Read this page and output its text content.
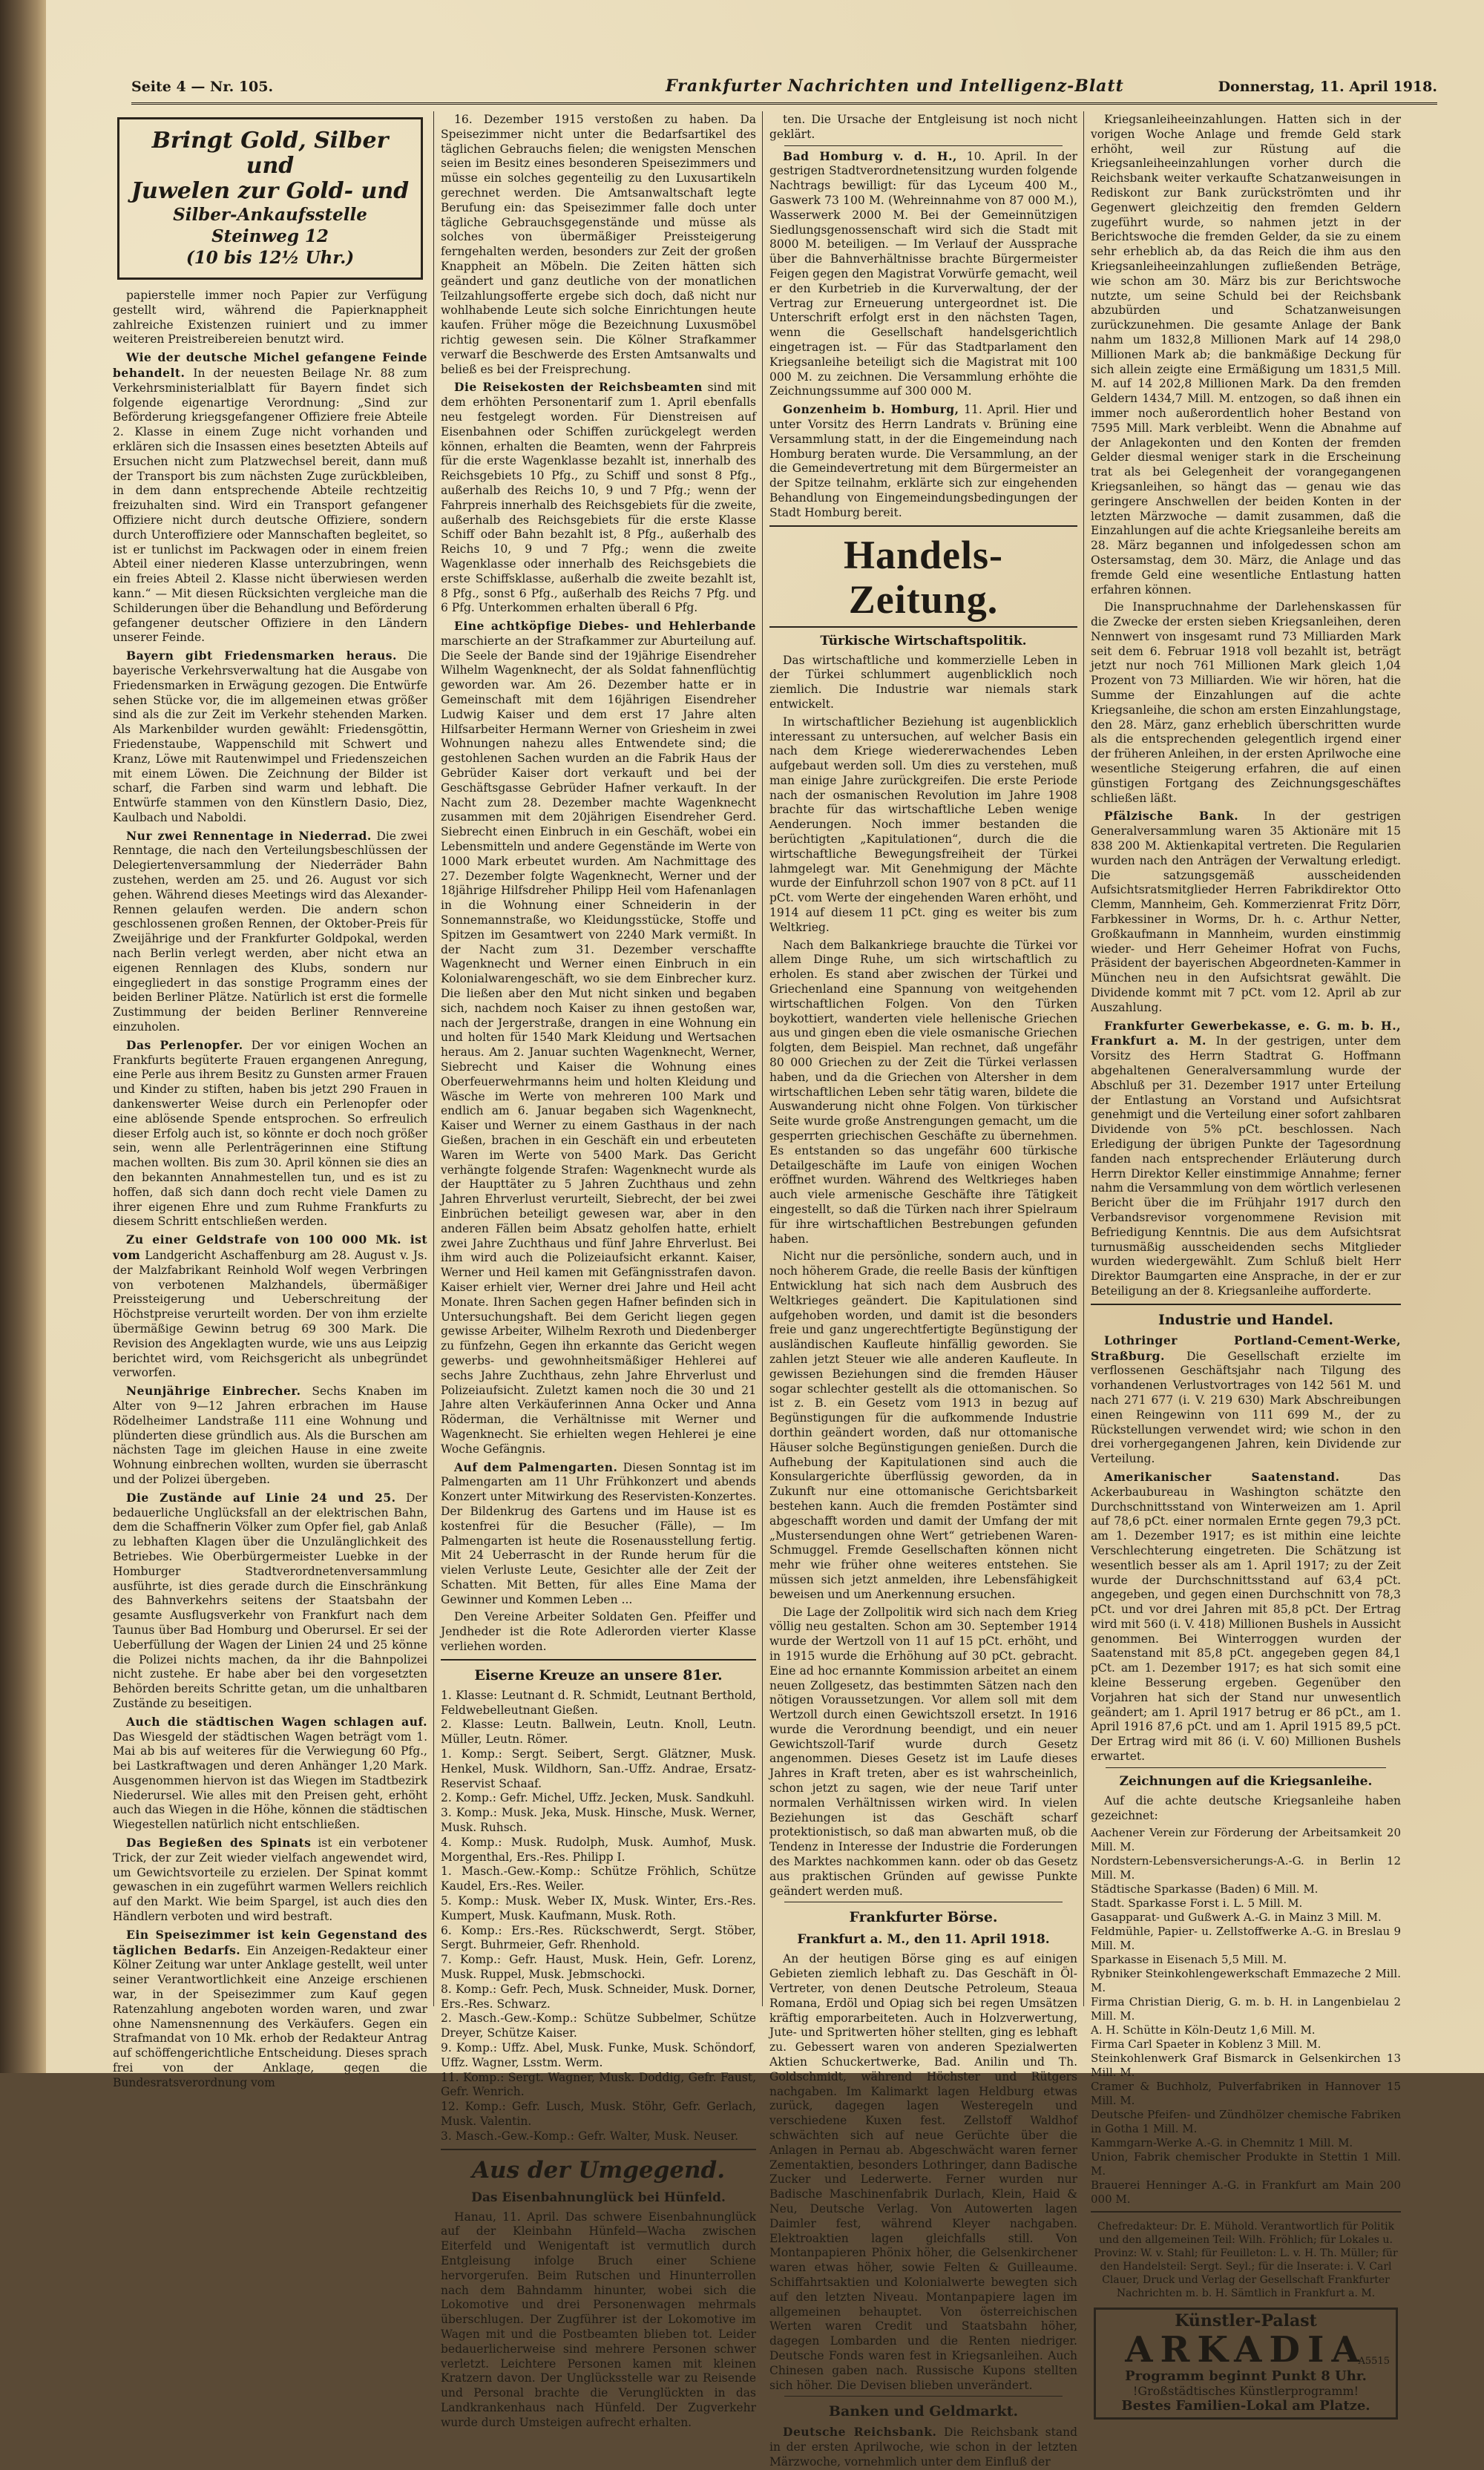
Seite 4 — Nr. 105.	Frankfurter Nachrichten und Intelligenz-Blatt	Donnerstag, 11. April 1918.
Bringt Gold, Silber und
Juwelen zur Gold- und
Silber-Ankaufsstelle Steinweg 12
(10 bis 12½ Uhr.)

papierstelle immer noch Papier zur Verfügung gestellt wird, während die Papierknappheit zahlreiche Existenzen ruiniert und zu immer weiteren Preistreibereien benutzt wird.

Wie der deutsche Michel gefangene Feinde behandelt. In der neuesten Beilage Nr. 88 zum Verkehrsministerialblatt für Bayern findet sich folgende eigenartige Verordnung: „Sind zur Beförderung kriegsgefangener Offiziere freie Abteile 2. Klasse in einem Zuge nicht vorhanden und erklären sich die Insassen eines besetzten Abteils auf Ersuchen nicht zum Platzwechsel bereit, dann muß der Transport bis zum nächsten Zuge zurückbleiben, in dem dann entsprechende Abteile rechtzeitig freizuhalten sind. Wird ein Transport gefangener Offiziere nicht durch deutsche Offiziere, sondern durch Unteroffiziere oder Mannschaften begleitet, so ist er tunlichst im Packwagen oder in einem freien Abteil einer niederen Klasse unterzubringen, wenn ein freies Abteil 2. Klasse nicht überwiesen werden kann.“ — Mit diesen Rücksichten vergleiche man die Schilderungen über die Behandlung und Beförderung gefangener deutscher Offiziere in den Ländern unserer Feinde.

Bayern gibt Friedensmarken heraus. Die bayerische Verkehrsverwaltung hat die Ausgabe von Friedensmarken in Erwägung gezogen. Die Entwürfe sehen Stücke vor, die im allgemeinen etwas größer sind als die zur Zeit im Verkehr stehenden Marken. Als Markenbilder wurden gewählt: Friedensgöttin, Friedenstaube, Wappenschild mit Schwert und Kranz, Löwe mit Rautenwimpel und Friedenszeichen mit einem Löwen. Die Zeichnung der Bilder ist scharf, die Farben sind warm und lebhaft. Die Entwürfe stammen von den Künstlern Dasio, Diez, Kaulbach und Naboldi.

Nur zwei Rennentage in Niederrad. Die zwei Renntage, die nach den Verteilungsbeschlüssen der Delegiertenversammlung der Niederräder Bahn zustehen, werden am 25. und 26. August vor sich gehen. Während dieses Meetings wird das Alexander-Rennen gelaufen werden. Die andern schon geschlossenen großen Rennen, der Oktober-Preis für Zweijährige und der Frankfurter Goldpokal, werden nach Berlin verlegt werden, aber nicht etwa an eigenen Rennlagen des Klubs, sondern nur eingegliedert in das sonstige Programm eines der beiden Berliner Plätze. Natürlich ist erst die formelle Zustimmung der beiden Berliner Rennvereine einzuholen.

Das Perlenopfer. Der vor einigen Wochen an Frankfurts begüterte Frauen ergangenen Anregung, eine Perle aus ihrem Besitz zu Gunsten armer Frauen und Kinder zu stiften, haben bis jetzt 290 Frauen in dankenswerter Weise durch ein Perlenopfer oder eine ablösende Spende entsprochen. So erfreulich dieser Erfolg auch ist, so könnte er doch noch größer sein, wenn alle Perlenträgerinnen eine Stiftung machen wollten. Bis zum 30. April können sie dies an den bekannten Annahmestellen tun, und es ist zu hoffen, daß sich dann doch recht viele Damen zu ihrer eigenen Ehre und zum Ruhme Frankfurts zu diesem Schritt entschließen werden.

Zu einer Geldstrafe von 100 000 Mk. ist vom Landgericht Aschaffenburg am 28. August v. Js. der Malzfabrikant Reinhold Wolf wegen Verbringen von verbotenen Malzhandels, übermäßiger Preissteigerung und Ueberschreitung der Höchstpreise verurteilt worden. Der von ihm erzielte übermäßige Gewinn betrug 69 300 Mark. Die Revision des Angeklagten wurde, wie uns aus Leipzig berichtet wird, vom Reichsgericht als unbegründet verworfen.

Neunjährige Einbrecher. Sechs Knaben im Alter von 9—12 Jahren erbrachen im Hause Rödelheimer Landstraße 111 eine Wohnung und plünderten diese gründlich aus. Als die Burschen am nächsten Tage im gleichen Hause in eine zweite Wohnung einbrechen wollten, wurden sie überrascht und der Polizei übergeben.

Die Zustände auf Linie 24 und 25. Der bedauerliche Unglücksfall an der elektrischen Bahn, dem die Schaffnerin Völker zum Opfer fiel, gab Anlaß zu lebhaften Klagen über die Unzulänglichkeit des Betriebes. Wie Oberbürgermeister Luebke in der Homburger Stadtverordnetenversammlung ausführte, ist dies gerade durch die Einschränkung des Bahnverkehrs seitens der Staatsbahn der gesamte Ausflugsverkehr von Frankfurt nach dem Taunus über Bad Homburg und Oberursel. Er sei der Ueberfüllung der Wagen der Linien 24 und 25 könne die Polizei nichts machen, da ihr die Bahnpolizei nicht zustehe. Er habe aber bei den vorgesetzten Behörden bereits Schritte getan, um die unhaltbaren Zustände zu beseitigen.

Auch die städtischen Wagen schlagen auf. Das Wiesgeld der städtischen Wagen beträgt vom 1. Mai ab bis auf weiteres für die Verwiegung 60 Pfg., bei Lastkraftwagen und deren Anhänger 1,20 Mark. Ausgenommen hiervon ist das Wiegen im Stadtbezirk Niederursel. Wie alles mit den Preisen geht, erhöht auch das Wiegen in die Höhe, können die städtischen Wiegestellen natürlich nicht entschließen.

Das Begießen des Spinats ist ein verbotener Trick, der zur Zeit wieder vielfach angewendet wird, um Gewichtsvorteile zu erzielen. Der Spinat kommt gewaschen in ein zugeführt warmen Wellers reichlich auf den Markt. Wie beim Spargel, ist auch dies den Händlern verboten und wird bestraft.

Ein Speisezimmer ist kein Gegenstand des täglichen Bedarfs. Ein Anzeigen-Redakteur einer Kölner Zeitung war unter Anklage gestellt, weil unter seiner Verantwortlichkeit eine Anzeige erschienen war, in der Speisezimmer zum Kauf gegen Ratenzahlung angeboten worden waren, und zwar ohne Namensnennung des Verkäufers. Gegen ein Strafmandat von 10 Mk. erhob der Redakteur Antrag auf schöffengerichtliche Entscheidung. Dieses sprach frei von der Anklage, gegen die Bundesratsverordnung vom

16. Dezember 1915 verstoßen zu haben. Da Speisezimmer nicht unter die Bedarfsartikel des täglichen Gebrauchs fielen; die wenigsten Menschen seien im Besitz eines besonderen Speisezimmers und müsse ein solches gegenteilig zu den Luxusartikeln gerechnet werden. Die Amtsanwaltschaft legte Berufung ein: das Speisezimmer falle doch unter tägliche Gebrauchsgegenstände und müsse als solches von übermäßiger Preissteigerung ferngehalten werden, besonders zur Zeit der großen Knappheit an Möbeln. Die Zeiten hätten sich geändert und ganz deutliche von der monatlichen Teilzahlungsofferte ergebe sich doch, daß nicht nur wohlhabende Leute sich solche Einrichtungen heute kaufen. Früher möge die Bezeichnung Luxusmöbel richtig gewesen sein. Die Kölner Strafkammer verwarf die Beschwerde des Ersten Amtsanwalts und beließ es bei der Freisprechung.

Die Reisekosten der Reichsbeamten sind mit dem erhöhten Personentarif zum 1. April ebenfalls neu festgelegt worden. Für Dienstreisen auf Eisenbahnen oder Schiffen zurückgelegt werden können, erhalten die Beamten, wenn der Fahrpreis für die erste Wagenklasse bezahlt ist, innerhalb des Reichsgebiets 10 Pfg., zu Schiff und sonst 8 Pfg., außerhalb des Reichs 10, 9 und 7 Pfg.; wenn der Fahrpreis innerhalb des Reichsgebiets für die zweite, außerhalb des Reichsgebiets für die erste Klasse Schiff oder Bahn bezahlt ist, 8 Pfg., außerhalb des Reichs 10, 9 und 7 Pfg.; wenn die zweite Wagenklasse oder innerhalb des Reichsgebiets die erste Schiffsklasse, außerhalb die zweite bezahlt ist, 8 Pfg., sonst 6 Pfg., außerhalb des Reichs 7 Pfg. und 6 Pfg. Unterkommen erhalten überall 6 Pfg.

Eine achtköpfige Diebes- und Hehlerbande marschierte an der Strafkammer zur Aburteilung auf. Die Seele der Bande sind der 19jährige Eisendreher Wilhelm Wagenknecht, der als Soldat fahnenflüchtig geworden war. Am 26. Dezember hatte er in Gemeinschaft mit dem 16jährigen Eisendreher Ludwig Kaiser und dem erst 17 Jahre alten Hilfsarbeiter Hermann Werner von Griesheim in zwei Wohnungen nahezu alles Entwendete sind; die gestohlenen Sachen wurden an die Fabrik Haus der Gebrüder Kaiser dort verkauft und bei der Geschäftsgasse Gebrüder Hafner verkauft. In der Nacht zum 28. Dezember machte Wagenknecht zusammen mit dem 20jährigen Eisendreher Gerd. Siebrecht einen Einbruch in ein Geschäft, wobei ein Lebensmitteln und andere Gegenstände im Werte von 1000 Mark erbeutet wurden. Am Nachmittage des 27. Dezember folgte Wagenknecht, Werner und der 18jährige Hilfsdreher Philipp Heil vom Hafenanlagen in die Wohnung einer Schneiderin in der Sonnemannstraße, wo Kleidungsstücke, Stoffe und Spitzen im Gesamtwert von 2240 Mark vermißt. In der Nacht zum 31. Dezember verschaffte Wagenknecht und Werner einen Einbruch in ein Kolonialwarengeschäft, wo sie dem Einbrecher kurz. Die ließen aber den Mut nicht sinken und begaben sich, nachdem noch Kaiser zu ihnen gestoßen war, nach der Jergerstraße, drangen in eine Wohnung ein und holten für 1540 Mark Kleidung und Wertsachen heraus. Am 2. Januar suchten Wagenknecht, Werner, Siebrecht und Kaiser die Wohnung eines Oberfeuerwehrmanns heim und holten Kleidung und Wäsche im Werte von mehreren 100 Mark und endlich am 6. Januar begaben sich Wagenknecht, Kaiser und Werner zu einem Gasthaus in der nach Gießen, brachen in ein Geschäft ein und erbeuteten Waren im Werte von 5400 Mark. Das Gericht verhängte folgende Strafen: Wagenknecht wurde als der Haupttäter zu 5 Jahren Zuchthaus und zehn Jahren Ehrverlust verurteilt, Siebrecht, der bei zwei Einbrüchen beteiligt gewesen war, aber in den anderen Fällen beim Absatz geholfen hatte, erhielt zwei Jahre Zuchthaus und fünf Jahre Ehrverlust. Bei ihm wird auch die Polizeiaufsicht erkannt. Kaiser, Werner und Heil kamen mit Gefängnisstrafen davon. Kaiser erhielt vier, Werner drei Jahre und Heil acht Monate. Ihren Sachen gegen Hafner befinden sich in Untersuchungshaft. Bei dem Gericht liegen gegen gewisse Arbeiter, Wilhelm Rexroth und Diedenberger zu fünfzehn, Gegen ihn erkannte das Gericht wegen gewerbs- und gewohnheitsmäßiger Hehlerei auf sechs Jahre Zuchthaus, zehn Jahre Ehrverlust und Polizeiaufsicht. Zuletzt kamen noch die 30 und 21 Jahre alten Verkäuferinnen Anna Ocker und Anna Röderman, die Verhältnisse mit Werner und Wagenknecht. Sie erhielten wegen Hehlerei je eine Woche Gefängnis.

Auf dem Palmengarten. Diesen Sonntag ist im Palmengarten am 11 Uhr Frühkonzert und abends Konzert unter Mitwirkung des Reservisten-Konzertes. Der Bildenkrug des Gartens und im Hause ist es kostenfrei für die Besucher (Fälle), — Im Palmengarten ist heute die Rosenausstellung fertig. Mit 24 Ueberrascht in der Runde herum für die vielen Verluste Leute, Gesichter alle der Zeit der Schatten. Mit Betten, für alles Eine Mama der Gewinner und Kommen Leben ...

Den Vereine Arbeiter Soldaten Gen. Pfeiffer und Jendheder ist die Rote Adlerorden vierter Klasse verliehen worden.

Eiserne Kreuze an unsere 81er.

1. Klasse: Leutnant d. R. Schmidt, Leutnant Berthold, Feldwebelleutnant Gießen.
2. Klasse: Leutn. Ballwein, Leutn. Knoll, Leutn. Müller, Leutn. Römer.
1. Komp.: Sergt. Seibert, Sergt. Glätzner, Musk. Henkel, Musk. Wildhorn, San.-Uffz. Andrae, Ersatz-Reservist Schaaf.
2. Komp.: Gefr. Michel, Uffz. Jecken, Musk. Sandkuhl.
3. Komp.: Musk. Jeka, Musk. Hinsche, Musk. Werner, Musk. Ruhsch.
4. Komp.: Musk. Rudolph, Musk. Aumhof, Musk. Morgenthal, Ers.-Res. Philipp I.
1. Masch.-Gew.-Komp.: Schütze Fröhlich, Schütze Kaudel, Ers.-Res. Weiler.
5. Komp.: Musk. Weber IX, Musk. Winter, Ers.-Res. Kumpert, Musk. Kaufmann, Musk. Roth.
6. Komp.: Ers.-Res. Rückschwerdt, Sergt. Stöber, Sergt. Buhrmeier, Gefr. Rhenhold.
7. Komp.: Gefr. Haust, Musk. Hein, Gefr. Lorenz, Musk. Ruppel, Musk. Jebmschocki.
8. Komp.: Gefr. Pech, Musk. Schneider, Musk. Dorner, Ers.-Res. Schwarz.
2. Masch.-Gew.-Komp.: Schütze Subbelmer, Schütze Dreyer, Schütze Kaiser.
9. Komp.: Uffz. Abel, Musk. Funke, Musk. Schöndorf, Uffz. Wagner, Lsstm. Werm.
11. Komp.: Sergt. Wagner, Musk. Doddig, Gefr. Faust, Gefr. Wenrich.
12. Komp.: Gefr. Lusch, Musk. Stöhr, Gefr. Gerlach, Musk. Valentin.
3. Masch.-Gew.-Komp.: Gefr. Walter, Musk. Neuser.

Aus der Umgegend.
Das Eisenbahnunglück bei Hünfeld.

Hanau, 11. April. Das schwere Eisenbahnunglück auf der Kleinbahn Hünfeld—Wacha zwischen Eiterfeld und Wenigentaft ist vermutlich durch Entgleisung infolge Bruch einer Schiene hervorgerufen. Beim Rutschen und Hinunterrollen nach dem Bahndamm hinunter, wobei sich die Lokomotive und drei Personenwagen mehrmals überschlugen. Der Zugführer ist der Lokomotive im Wagen mit und die Postbeamten blieben tot. Leider bedauerlicherweise sind mehrere Personen schwer verletzt. Leichtere Personen kamen mit kleinen Kratzern davon. Der Unglücksstelle war zu Reisende und Personal brachte die Verunglückten in das Landkrankenhaus nach Hünfeld. Der Zugverkehr wurde durch Umsteigen aufrecht erhalten.

ten. Die Ursache der Entgleisung ist noch nicht geklärt.

Bad Homburg v. d. H., 10. April. In der gestrigen Stadtverordnetensitzung wurden folgende Nachtrags bewilligt: für das Lyceum 400 M., Gaswerk 73 100 M. (Wehreinnahme von 87 000 M.), Wasserwerk 2000 M. Bei der Gemeinnützigen Siedlungsgenossenschaft wird sich die Stadt mit 8000 M. beteiligen. — Im Verlauf der Aussprache über die Bahnverhältnisse brachte Bürgermeister Feigen gegen den Magistrat Vorwürfe gemacht, weil er den Kurbetrieb in die Kurverwaltung, der der Vertrag zur Erneuerung untergeordnet ist. Die Unterschrift erfolgt erst in den nächsten Tagen, wenn die Gesellschaft handelsgerichtlich eingetragen ist. — Für das Stadtparlament den Kriegsanleihe beteiligt sich die Magistrat mit 100 000 M. zu zeichnen. Die Versammlung erhöhte die Zeichnungssumme auf 300 000 M.

Gonzenheim b. Homburg, 11. April. Hier und unter Vorsitz des Herrn Landrats v. Brüning eine Versammlung statt, in der die Eingemeindung nach Homburg beraten wurde. Die Versammlung, an der die Gemeindevertretung mit dem Bürgermeister an der Spitze teilnahm, erklärte sich zur eingehenden Behandlung von Eingemeindungsbedingungen der Stadt Homburg bereit.

Handels-Zeitung.
Türkische Wirtschaftspolitik.

Das wirtschaftliche und kommerzielle Leben in der Türkei schlummert augenblicklich noch ziemlich. Die Industrie war niemals stark entwickelt.

In wirtschaftlicher Beziehung ist augenblicklich interessant zu untersuchen, auf welcher Basis ein nach dem Kriege wiedererwachendes Leben aufgebaut werden soll. Um dies zu verstehen, muß man einige Jahre zurückgreifen. Die erste Periode nach der osmanischen Revolution im Jahre 1908 brachte für das wirtschaftliche Leben wenige Aenderungen. Noch immer bestanden die berüchtigten „Kapitulationen“, durch die die wirtschaftliche Bewegungsfreiheit der Türkei lahmgelegt war. Mit Genehmigung der Mächte wurde der Einfuhrzoll schon 1907 von 8 pCt. auf 11 pCt. vom Werte der eingehenden Waren erhöht, und 1914 auf diesem 11 pCt. ging es weiter bis zum Weltkrieg.

Nach dem Balkankriege brauchte die Türkei vor allem Dinge Ruhe, um sich wirtschaftlich zu erholen. Es stand aber zwischen der Türkei und Griechenland eine Spannung von weitgehenden wirtschaftlichen Folgen. Von den Türken boykottiert, wanderten viele hellenische Griechen aus und gingen eben die viele osmanische Griechen folgten, dem Beispiel. Man rechnet, daß ungefähr 80 000 Griechen zu der Zeit die Türkei verlassen haben, und da die Griechen von Altersher in dem wirtschaftlichen Leben sehr tätig waren, bildete die Auswanderung nicht ohne Folgen. Von türkischer Seite wurde große Anstrengungen gemacht, um die gesperrten griechischen Geschäfte zu übernehmen. Es entstanden so das ungefähr 600 türkische Detailgeschäfte im Laufe von einigen Wochen eröffnet wurden. Während des Weltkrieges haben auch viele armenische Geschäfte ihre Tätigkeit eingestellt, so daß die Türken nach ihrer Spielraum für ihre wirtschaftlichen Bestrebungen gefunden haben.

Nicht nur die persönliche, sondern auch, und in noch höherem Grade, die reelle Basis der künftigen Entwicklung hat sich nach dem Ausbruch des Weltkrieges geändert. Die Kapitulationen sind aufgehoben worden, und damit ist die besonders freie und ganz ungerechtfertigte Begünstigung der ausländischen Kaufleute hinfällig geworden. Sie zahlen jetzt Steuer wie alle anderen Kaufleute. In gewissen Beziehungen sind die fremden Häuser sogar schlechter gestellt als die ottomanischen. So ist z. B. ein Gesetz vom 1913 in bezug auf Begünstigungen für die aufkommende Industrie dorthin geändert worden, daß nur ottomanische Häuser solche Begünstigungen genießen. Durch die Aufhebung der Kapitulationen sind auch die Konsulargerichte überflüssig geworden, da in Zukunft nur eine ottomanische Gerichtsbarkeit bestehen kann. Auch die fremden Postämter sind abgeschafft worden und damit der Umfang der mit „Mustersendungen ohne Wert“ getriebenen Waren-Schmuggel. Fremde Gesellschaften können nicht mehr wie früher ohne weiteres entstehen. Sie müssen sich jetzt anmelden, ihre Lebensfähigkeit beweisen und um Anerkennung ersuchen.

Die Lage der Zollpolitik wird sich nach dem Krieg völlig neu gestalten. Schon am 30. September 1914 wurde der Wertzoll von 11 auf 15 pCt. erhöht, und in 1915 wurde die Erhöhung auf 30 pCt. gebracht. Eine ad hoc ernannte Kommission arbeitet an einem neuen Zollgesetz, das bestimmten Sätzen nach den nötigen Voraussetzungen. Vor allem soll mit dem Wertzoll durch einen Gewichtszoll ersetzt. In 1916 wurde die Verordnung beendigt, und ein neuer Gewichtszoll-Tarif wurde durch Gesetz angenommen. Dieses Gesetz ist im Laufe dieses Jahres in Kraft treten, aber es ist wahrscheinlich, schon jetzt zu sagen, wie der neue Tarif unter normalen Verhältnissen wirken wird. In vielen Beziehungen ist das Geschäft scharf protektionistisch, so daß man abwarten muß, ob die Tendenz in Interesse der Industrie die Forderungen des Marktes nachkommen kann. oder ob das Gesetz aus praktischen Gründen auf gewisse Punkte geändert werden muß.

Frankfurter Börse.
Frankfurt a. M., den 11. April 1918.

An der heutigen Börse ging es auf einigen Gebieten ziemlich lebhaft zu. Das Geschäft in Öl-Vertreter, von denen Deutsche Petroleum, Steaua Romana, Erdöl und Opiag sich bei regen Umsätzen kräftig emporarbeiteten. Auch in Holzverwertung, Jute- und Spritwerten höher stellten, ging es lebhaft zu. Gebessert waren von anderen Spezialwerten Aktien Schuckertwerke, Bad. Anilin und Th. Goldschmidt, während Höchster und Rütgers nachgaben. Im Kalimarkt lagen Heldburg etwas zurück, dagegen lagen Westeregeln und verschiedene Kuxen fest. Zellstoff Waldhof schwächten sich auf neue Gerüchte über die Anlagen in Pernau ab. Abgeschwächt waren ferner Zementaktien, besonders Lothringer, dann Badische Zucker und Lederwerte. Ferner wurden nur Badische Maschinenfabrik Durlach, Klein, Haid & Neu, Deutsche Verlag. Von Autowerten lagen Daimler fest, während Kleyer nachgaben. Elektroaktien lagen gleichfalls still. Von Montanpapieren Phönix höher, die Gelsenkirchener waren etwas höher, sowie Felten & Guilleaume. Schiffahrtsaktien und Kolonialwerte bewegten sich auf den letzten Niveau. Montanpapiere lagen im allgemeinen behauptet. Von österreichischen Werten waren Credit und Staatsbahn höher, dagegen Lombarden und die Renten niedriger. Deutsche Fonds waren fest in Kriegsanleihen. Auch Chinesen gaben nach. Russische Kupons stellten sich höher. Die Devisen blieben unverändert.

Banken und Geldmarkt.

Deutsche Reichsbank. Die Reichsbank stand in der ersten Aprilwoche, wie schon in der letzten Märzwoche, vornehmlich unter dem Einfluß der

Kriegsanleiheeinzahlungen. Hatten sich in der vorigen Woche Anlage und fremde Geld stark erhöht, weil zur Rüstung auf die Kriegsanleiheeinzahlungen vorher durch die Reichsbank weiter verkaufte Schatzanweisungen in Rediskont zur Bank zurückströmten und ihr Gegenwert gleichzeitig den fremden Geldern zugeführt wurde, so nahmen jetzt in der Berichtswoche die fremden Gelder, da sie zu einem sehr erheblich ab, da das Reich die ihm aus den Kriegsanleiheeinzahlungen zufließenden Beträge, wie schon am 30. März bis zur Berichtswoche nutzte, um seine Schuld bei der Reichsbank abzubürden und Schatzanweisungen zurückzunehmen. Die gesamte Anlage der Bank nahm um 1832,8 Millionen Mark auf 14 298,0 Millionen Mark ab; die bankmäßige Deckung für sich allein zeigte eine Ermäßigung um 1831,5 Mill. M. auf 14 202,8 Millionen Mark. Da den fremden Geldern 1434,7 Mill. M. entzogen, so daß ihnen ein immer noch außerordentlich hoher Bestand von 7595 Mill. Mark verbleibt. Wenn die Abnahme auf der Anlagekonten und den Konten der fremden Gelder diesmal weniger stark in die Erscheinung trat als bei Gelegenheit der vorangegangenen Kriegsanleihen, so hängt das — genau wie das geringere Anschwellen der beiden Konten in der letzten Märzwoche — damit zusammen, daß die Einzahlungen auf die achte Kriegsanleihe bereits am 28. März begannen und infolgedessen schon am Ostersamstag, dem 30. März, die Anlage und das fremde Geld eine wesentliche Entlastung hatten erfahren können.

Die Inanspruchnahme der Darlehenskassen für die Zwecke der ersten sieben Kriegsanleihen, deren Nennwert von insgesamt rund 73 Milliarden Mark seit dem 6. Februar 1918 voll bezahlt ist, beträgt jetzt nur noch 761 Millionen Mark gleich 1,04 Prozent von 73 Milliarden. Wie wir hören, hat die Summe der Einzahlungen auf die achte Kriegsanleihe, die schon am ersten Einzahlungstage, den 28. März, ganz erheblich überschritten wurde als die entsprechenden gelegentlich irgend einer der früheren Anleihen, in der ersten Aprilwoche eine wesentliche Steigerung erfahren, die auf einen günstigen Fortgang des Zeichnungsgeschäftes schließen läßt.

Pfälzische Bank. In der gestrigen Generalversammlung waren 35 Aktionäre mit 15 838 200 M. Aktienkapital vertreten. Die Regularien wurden nach den Anträgen der Verwaltung erledigt. Die satzungsgemäß ausscheidenden Aufsichtsratsmitglieder Herren Fabrikdirektor Otto Clemm, Mannheim, Geh. Kommerzienrat Fritz Dörr, Farbkessiner in Worms, Dr. h. c. Arthur Netter, Großkaufmann in Mannheim, wurden einstimmig wieder- und Herr Geheimer Hofrat von Fuchs, Präsident der bayerischen Abgeordneten-Kammer in München neu in den Aufsichtsrat gewählt. Die Dividende kommt mit 7 pCt. vom 12. April ab zur Auszahlung.

Frankfurter Gewerbekasse, e. G. m. b. H., Frankfurt a. M. In der gestrigen, unter dem Vorsitz des Herrn Stadtrat G. Hoffmann abgehaltenen Generalversammlung wurde der Abschluß per 31. Dezember 1917 unter Erteilung der Entlastung an Vorstand und Aufsichtsrat genehmigt und die Verteilung einer sofort zahlbaren Dividende von 5% pCt. beschlossen. Nach Erledigung der übrigen Punkte der Tagesordnung fanden nach entsprechender Erläuterung durch Herrn Direktor Keller einstimmige Annahme; ferner nahm die Versammlung von dem wörtlich verlesenen Bericht über die im Frühjahr 1917 durch den Verbandsrevisor vorgenommene Revision mit Befriedigung Kenntnis. Die aus dem Aufsichtsrat turnusmäßig ausscheidenden sechs Mitglieder wurden wiedergewählt. Zum Schluß bielt Herr Direktor Baumgarten eine Ansprache, in der er zur Beteiligung an der 8. Kriegsanleihe aufforderte.

Industrie und Handel.

Lothringer Portland-Cement-Werke, Straßburg. Die Gesellschaft erzielte im verflossenen Geschäftsjahr nach Tilgung des vorhandenen Verlustvortrages von 142 561 M. und nach 271 677 (i. V. 219 630) Mark Abschreibungen einen Reingewinn von 111 699 M., der zu Rückstellungen verwendet wird; wie schon in den drei vorhergegangenen Jahren, kein Dividende zur Verteilung.

Amerikanischer Saatenstand.	Das Ackerbaubureau in Washington schätzte den Durchschnittsstand von Winterweizen am 1. April auf 78,6 pCt. einer normalen Ernte gegen 79,3 pCt. am 1. Dezember 1917; es ist mithin eine leichte Verschlechterung eingetreten. Die Schätzung ist wesentlich besser als am 1. April 1917; zu der Zeit wurde der Durchschnittsstand auf 63,4 pCt. angegeben, und gegen einen Durchschnitt von 78,3 pCt. und vor drei Jahren mit 85,8 pCt. Der Ertrag wird mit 560 (i. V. 418) Millionen Bushels in Aussicht genommen. Bei Winterroggen wurden der Saatenstand mit 85,8 pCt. angegeben gegen 84,1 pCt. am 1. Dezember 1917; es hat sich somit eine kleine Besserung ergeben. Gegenüber den Vorjahren hat sich der Stand nur unwesentlich geändert; am 1. April 1917 betrug er 86 pCt., am 1. April 1916 87,6 pCt. und am 1. April 1915 89,5 pCt. Der Ertrag wird mit 86 (i. V. 60) Millionen Bushels erwartet.

Zeichnungen auf die Kriegsanleihe.

Auf die achte deutsche Kriegsanleihe haben gezeichnet:

Aachener Verein zur Förderung der Arbeitsamkeit 20 Mill. M.
Nordstern-Lebensversicherungs-A.-G. in Berlin 12 Mill. M.
Städtische Sparkasse (Baden) 6 Mill. M.
Stadt. Sparkasse Forst i. L. 5 Mill. M.
Gasapparat- und Gußwerk A.-G. in Mainz 3 Mill. M.
Feldmühle, Papier- u. Zellstoffwerke A.-G. in Breslau 9 Mill. M.
Sparkasse in Eisenach 5,5 Mill. M.
Rybniker Steinkohlengewerkschaft Emmazeche 2 Mill. M.
Firma Christian Dierig, G. m. b. H. in Langenbielau 2 Mill. M.
A. H. Schütte in Köln-Deutz 1,6 Mill. M.
Firma Carl Spaeter in Koblenz 3 Mill. M.
Steinkohlenwerk Graf Bismarck in Gelsenkirchen 13 Mill. M.
Cramer & Buchholz, Pulverfabriken in Hannover 15 Mill. M.
Deutsche Pfeifen- und Zündhölzer chemische Fabriken in Gotha 1 Mill. M.
Kammgarn-Werke A.-G. in Chemnitz 1 Mill. M.
Union, Fabrik chemischer Produkte in Stettin 1 Mill. M.
Brauerei Henninger A.-G. in Frankfurt am Main 200 000 M.
Chefredakteur: Dr. E. Mühold. Verantwortlich für Politik und den allgemeinen Teil: Wilh. Fröhlich; für Lokales u. Provinz: W. v. Stahl; für Feuilleton: L. v. H. Th. Müller; für den Handelsteil: Sergt. Seyl.; für die Inserate: i. V. Carl Clauer, Druck und Verlag der Gesellschaft Frankfurter Nachrichten m. b. H. Sämtlich in Frankfurt a. M.
Künstler-Palast
ARKADIA
A5515
Programm beginnt Punkt 8 Uhr.
!Großstädtisches Künstlerprogramm!
Bestes Familien-Lokal am Platze.
